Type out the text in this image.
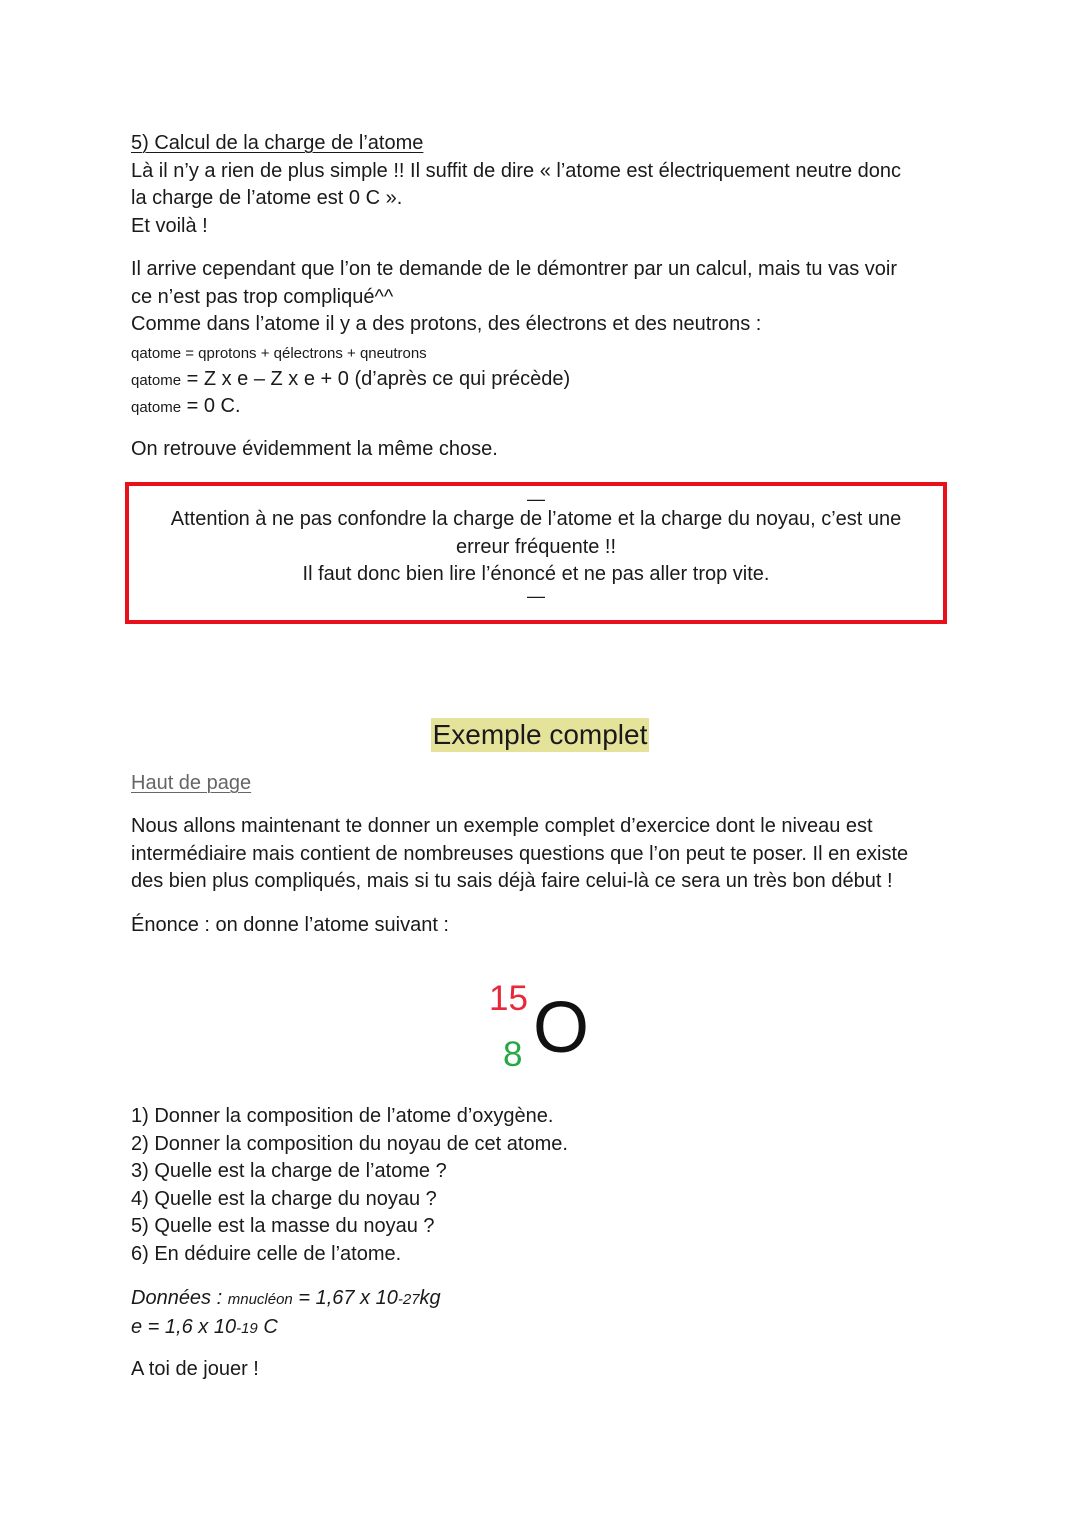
5) Calcul de la charge de l’atome

Là il n’y a rien de plus simple !! Il suffit de dire « l’atome est électriquement neutre donc

la charge de l’atome est 0 C ».

Et voilà !

Il arrive cependant que l’on te demande de le démontrer par un calcul, mais tu vas voir

ce n’est pas trop compliqué^^

Comme dans l’atome il y a des protons, des électrons et des neutrons :

qatome = qprotons + qélectrons + qneutrons

qatome = Z x e – Z x e + 0 (d’après ce qui précède)

qatome = 0 C.

On retrouve évidemment la même chose.

—

Attention à ne pas confondre la charge de l’atome et la charge du noyau, c’est une

erreur fréquente !!

Il faut donc bien lire l’énoncé et ne pas aller trop vite.

—
Exemple complet
Haut de page

Nous allons maintenant te donner un exemple complet d’exercice dont le niveau est

intermédiaire mais contient de nombreuses questions que l’on peut te poser. Il en existe

des bien plus compliqués, mais si tu sais déjà faire celui-là ce sera un très bon début !

Énonce : on donne l’atome suivant :

15
8 O

1) Donner la composition de l’atome d’oxygène.

2) Donner la composition du noyau de cet atome.

3) Quelle est la charge de l’atome ?

4) Quelle est la charge du noyau ?

5) Quelle est la masse du noyau ?

6) En déduire celle de l’atome.

Données : mnucléon = 1,67 x 10-27kg

e = 1,6 x 10-19 C

A toi de jouer !
